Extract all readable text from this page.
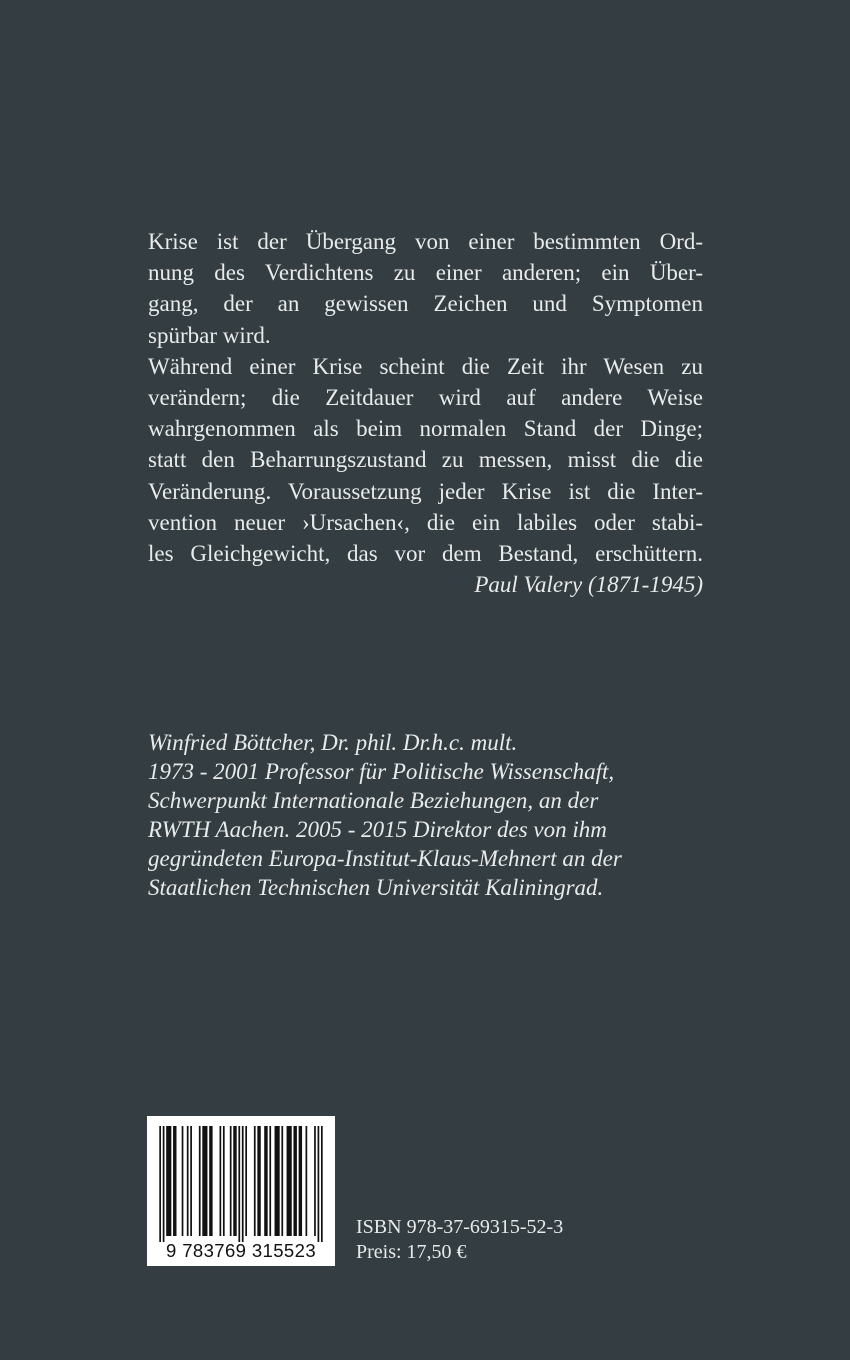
Krise ist der Übergang von einer bestimmten Ord-
nung des Verdichtens zu einer anderen; ein Über-
gang, der an gewissen Zeichen und Symptomen
spürbar wird.
Während einer Krise scheint die Zeit ihr Wesen zu
verändern; die Zeitdauer wird auf andere Weise
wahrgenommen als beim normalen Stand der Dinge;
statt den Beharrungszustand zu messen, misst die die
Veränderung. Voraussetzung jeder Krise ist die Inter-
vention neuer ›Ursachen‹, die ein labiles oder stabi-
les Gleichgewicht, das vor dem Bestand, erschüttern.
Paul Valery (1871-1945)
Winfried Böttcher, Dr. phil. Dr.h.c. mult.
1973 - 2001 Professor für Politische Wissenschaft,
Schwerpunkt Internationale Beziehungen, an der
RWTH Aachen. 2005 - 2015 Direktor des von ihm
gegründeten Europa-Institut-Klaus-Mehnert an der
Staatlichen Technischen Universität Kaliningrad.
9 783769 315523
ISBN 978-37-69315-52-3
Preis: 17,50 €
